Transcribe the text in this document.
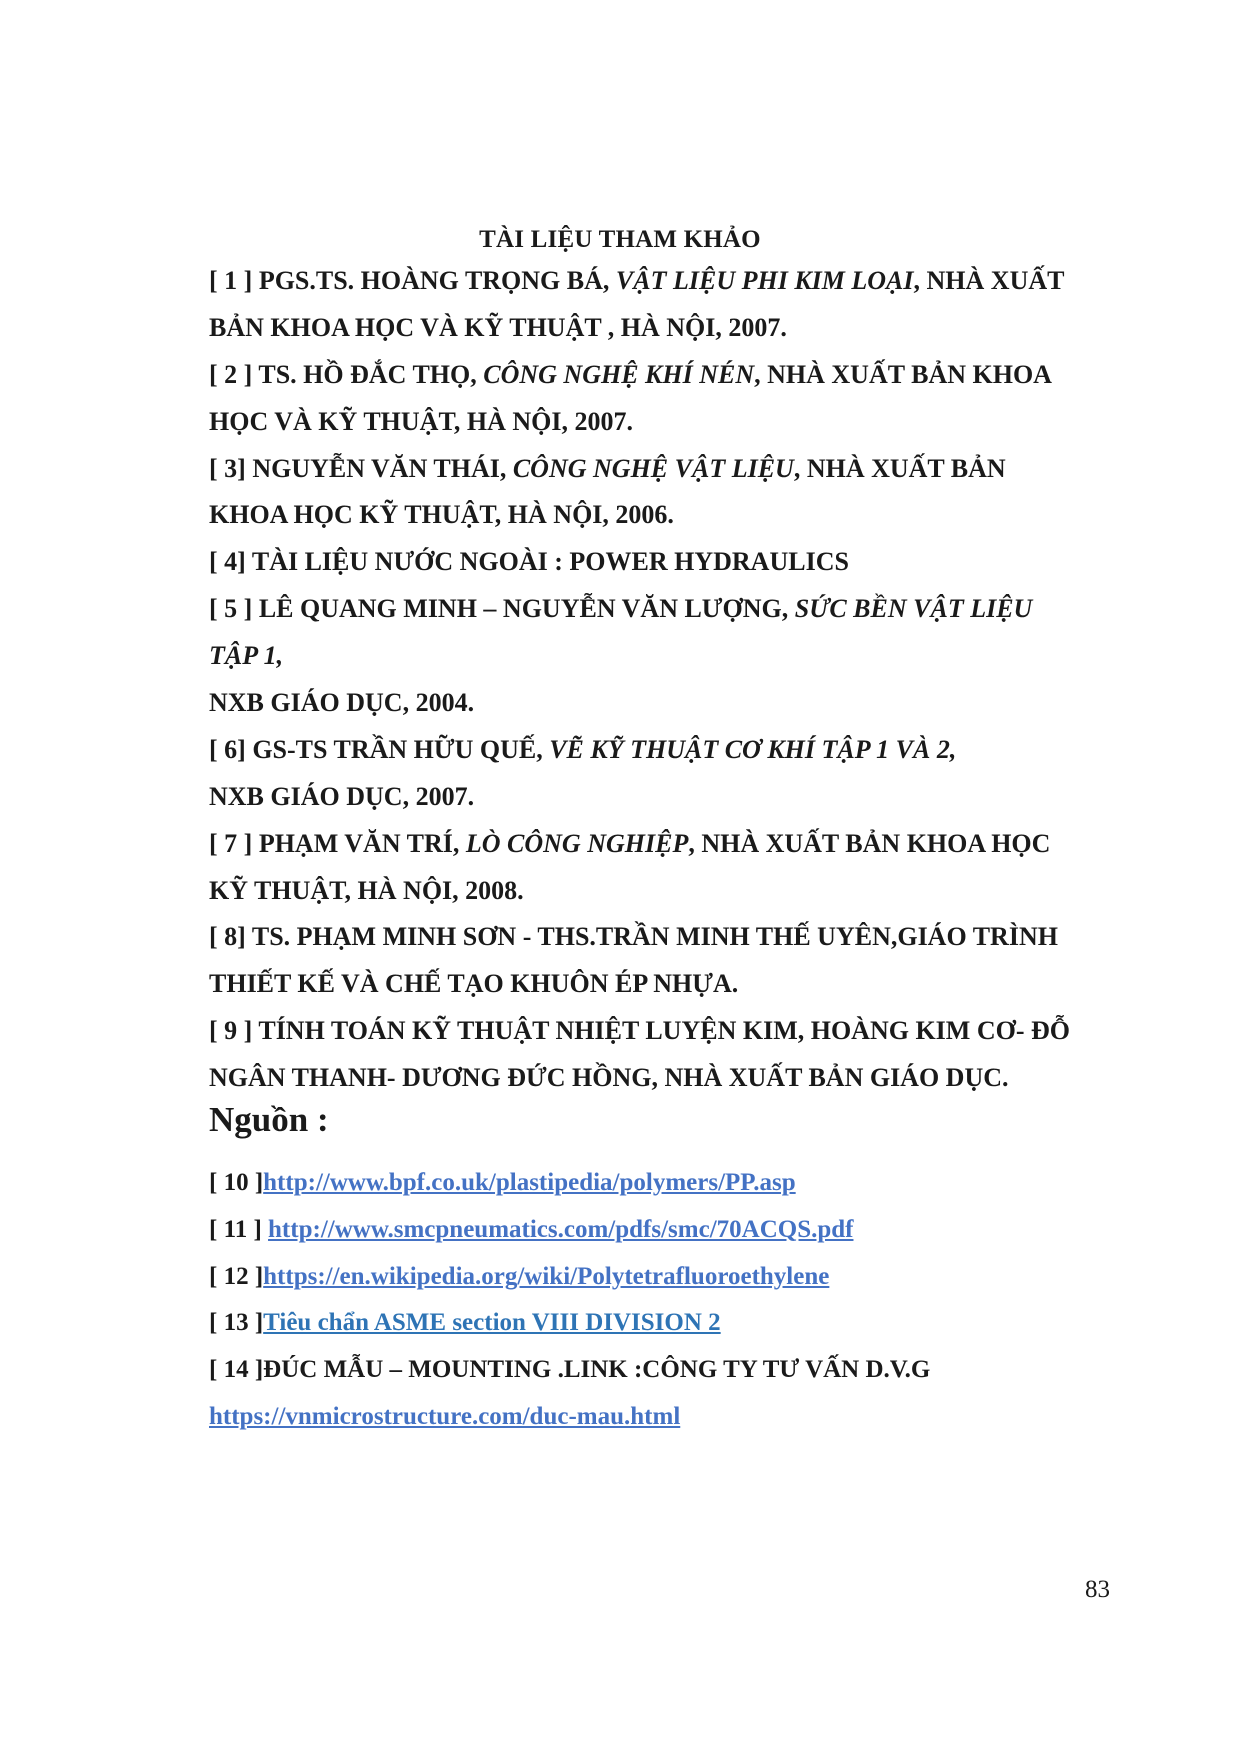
TÀI LIỆU THAM KHẢO
[ 1 ] PGS.TS. HOÀNG TRỌNG BÁ, VẬT LIỆU PHI KIM LOẠI, NHÀ XUẤT
BẢN KHOA HỌC VÀ KỸ THUẬT , HÀ NỘI, 2007.
[ 2 ] TS. HỒ ĐẮC THỌ, CÔNG NGHỆ KHÍ NÉN, NHÀ XUẤT BẢN KHOA
HỌC VÀ KỸ THUẬT, HÀ NỘI, 2007.
[ 3] NGUYỄN VĂN THÁI, CÔNG NGHỆ VẬT LIỆU, NHÀ XUẤT BẢN
KHOA HỌC KỸ THUẬT, HÀ NỘI, 2006.
[ 4] TÀI LIỆU NƯỚC NGOÀI : POWER HYDRAULICS
[ 5 ] LÊ QUANG MINH – NGUYỄN VĂN LƯỢNG, SỨC BỀN VẬT LIỆU
TẬP 1,
NXB GIÁO DỤC, 2004.
[ 6] GS-TS TRẦN HỮU QUẾ, VẼ KỸ THUẬT CƠ KHÍ TẬP 1 VÀ 2,
NXB GIÁO DỤC, 2007.
[ 7 ] PHẠM VĂN TRÍ, LÒ CÔNG NGHIỆP, NHÀ XUẤT BẢN KHOA HỌC
KỸ THUẬT, HÀ NỘI, 2008.
[ 8] TS. PHẠM MINH SƠN - THS.TRẦN MINH THẾ UYÊN,GIÁO TRÌNH
THIẾT KẾ VÀ CHẾ TẠO KHUÔN ÉP NHỰA.
[ 9 ] TÍNH TOÁN KỸ THUẬT NHIỆT LUYỆN KIM, HOÀNG KIM CƠ- ĐỖ
NGÂN THANH- DƯƠNG ĐỨC HỒNG, NHÀ XUẤT BẢN GIÁO DỤC.
Nguồn :
[ 10 ]http://www.bpf.co.uk/plastipedia/polymers/PP.asp
[ 11 ] http://www.smcpneumatics.com/pdfs/smc/70ACQS.pdf
[ 12 ]https://en.wikipedia.org/wiki/Polytetrafluoroethylene
[ 13 ]Tiêu chẩn ASME section VIII DIVISION 2
[ 14 ]ĐÚC MẪU – MOUNTING .LINK :CÔNG TY TƯ VẤN D.V.G
https://vnmicrostructure.com/duc-mau.html
83
